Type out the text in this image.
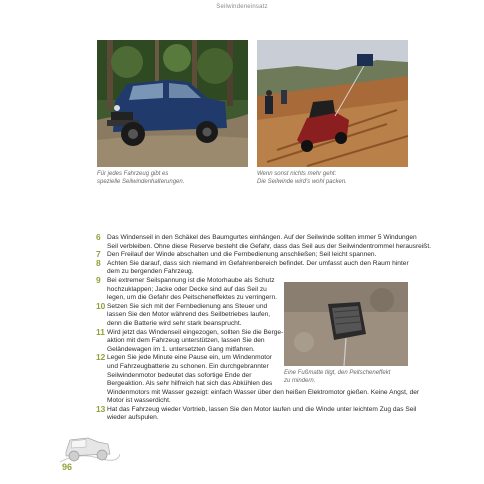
Seilwindeneinsatz
Für jedes Fahrzeug gibt es
spezielle Seilwindenhalterungen.
Wenn sonst nichts mehr geht:
Die Seilwinde wird's wohl packen.
Eine Fußmatte tilgt, den Peitscheneffekt
zu mindern.
6 Das Windenseil in den Schäkel des Baumgurtes einhängen. Auf der Seilwinde sollten immer 5 Windungen
Seil verbleiben. Ohne diese Reserve besteht die Gefahr, dass das Seil aus der Seilwindentrommel herausreißt.
7 Den Freilauf der Winde abschalten und die Fernbedienung anschließen; Seil leicht spannen.
8 Achten Sie darauf, dass sich niemand im Gefahrenbereich befindet. Der umfasst auch den Raum hinter
dem zu bergenden Fahrzeug.
9 Bei extremer Seilspannung ist die Motorhaube als Schutz
hochzuklappen; Jacke oder Decke sind auf das Seil zu
legen, um die Gefahr des Peitscheneffektes zu verringern.
10 Setzen Sie sich mit der Fernbedienung ans Steuer und
lassen Sie den Motor während des Seilbetriebes laufen,
denn die Batterie wird sehr stark beansprucht.
11 Wird jetzt das Windenseil eingezogen, sollten Sie die Berge-
aktion mit dem Fahrzeug unterstützen, lassen Sie den
Geländewagen im 1. untersetzten Gang mitfahren.
12 Legen Sie jede Minute eine Pause ein, um Windenmotor
und Fahrzeugbatterie zu schonen. Ein durchgebrannter
Seilwindenmotor bedeutet das sofortige Ende der
Bergeaktion. Als sehr hilfreich hat sich das Abkühlen des
Windenmotors mit Wasser gezeigt: einfach Wasser über den heißen Elektromotor gießen. Keine Angst, der
Motor ist wasserdicht.
13 Hat das Fahrzeug wieder Vortrieb, lassen Sie den Motor laufen und die Winde unter leichtem Zug das Seil
wieder aufspulen.
96
